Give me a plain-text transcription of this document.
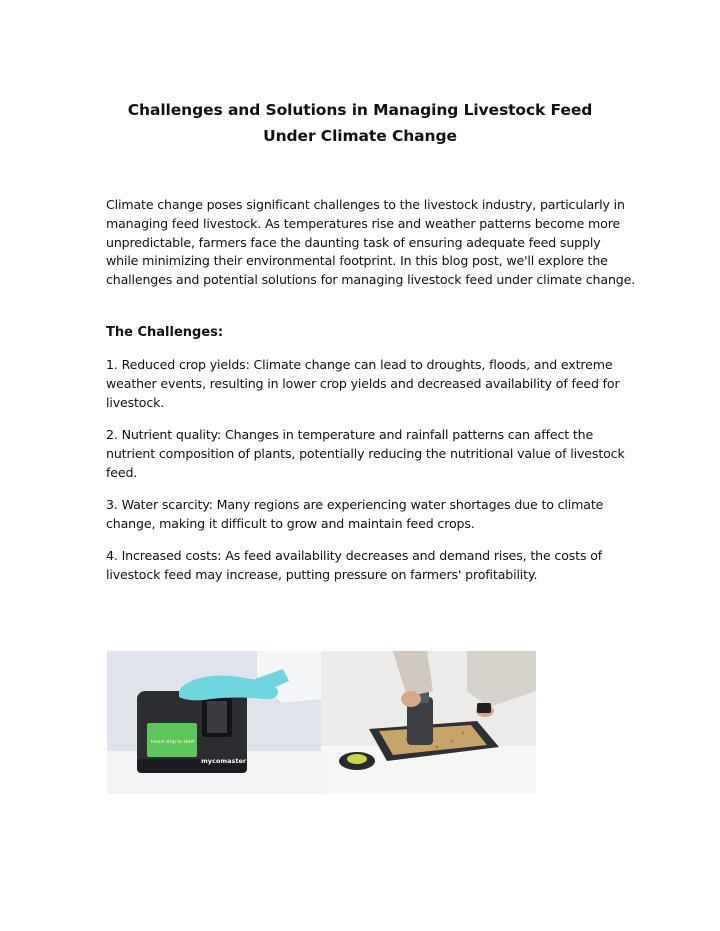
Challenges and Solutions in Managing Livestock Feed Under Climate Change

Climate change poses significant challenges to the livestock industry, particularly in managing feed livestock. As temperatures rise and weather patterns become more unpredictable, farmers face the daunting task of ensuring adequate feed supply while minimizing their environmental footprint. In this blog post, we'll explore the challenges and potential solutions for managing livestock feed under climate change.

The Challenges:

1. Reduced crop yields: Climate change can lead to droughts, floods, and extreme weather events, resulting in lower crop yields and decreased availability of feed for livestock.

2. Nutrient quality: Changes in temperature and rainfall patterns can affect the nutrient composition of plants, potentially reducing the nutritional value of livestock feed.

3. Water scarcity: Many regions are experiencing water shortages due to climate change, making it difficult to grow and maintain feed crops.

4. Increased costs: As feed availability decreases and demand rises, the costs of livestock feed may increase, putting pressure on farmers' profitability.

Insert strip to start
mycomaster
